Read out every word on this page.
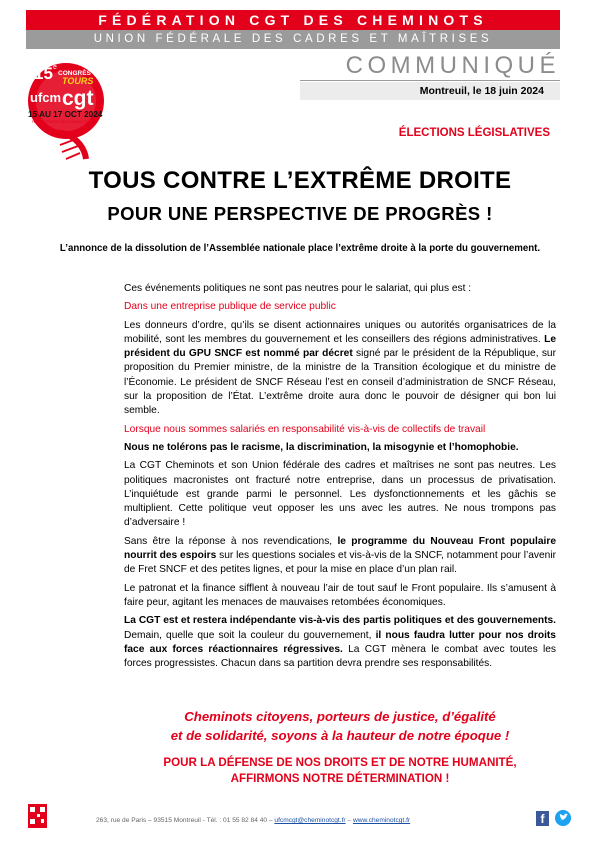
FÉDÉRATION CGT DES CHEMINOTS
UNION FÉDÉRALE DES CADRES ET MAÎTRISES
15 e
CONGRÈS
TOURS
ufcm cgt
15 AU 17 OCT 2024
FÉDÉRATION CGT DES CHEMINOTS
COMMUNIQUÉ
Montreuil, le 18 juin 2024
ÉLECTIONS LÉGISLATIVES
TOUS CONTRE L’EXTRÊME DROITE
POUR UNE PERSPECTIVE DE PROGRÈS !
L’annonce de la dissolution de l’Assemblée nationale place l’extrême droite à la porte du gouvernement.

Ces événements politiques ne sont pas neutres pour le salariat, qui plus est :

Dans une entreprise publique de service public

Les donneurs d’ordre, qu’ils se disent actionnaires uniques ou autorités organisatrices de la mobilité, sont les membres du gouvernement et les conseillers des régions administratives. Le président du GPU SNCF est nommé par décret signé par le président de la République, sur proposition du Premier ministre, de la ministre de la Transition écologique et du ministre de l’Économie. Le président de SNCF Réseau l’est en conseil d’administration de SNCF Réseau, sur la proposition de l’État. L’extrême droite aura donc le pouvoir de désigner qui bon lui semble.

Lorsque nous sommes salariés en responsabilité vis-à-vis de collectifs de travail

Nous ne tolérons pas le racisme, la discrimination, la misogynie et l’homophobie.

La CGT Cheminots et son Union fédérale des cadres et maîtrises ne sont pas neutres. Les politiques macronistes ont fracturé notre entreprise, dans un processus de privatisation. L’inquiétude est grande parmi le personnel. Les dysfonctionnements et les gâchis se multiplient. Cette politique veut opposer les uns avec les autres. Ne nous trompons pas d’adversaire !

Sans être la réponse à nos revendications, le programme du Nouveau Front populaire nourrit des espoirs sur les questions sociales et vis-à-vis de la SNCF, notamment pour l’avenir de Fret SNCF et des petites lignes, et pour la mise en place d’un plan rail.

Le patronat et la finance sifflent à nouveau l’air de tout sauf le Front populaire. Ils s’amusent à faire peur, agitant les menaces de mauvaises retombées économiques.

La CGT est et restera indépendante vis-à-vis des partis politiques et des gouvernements. Demain, quelle que soit la couleur du gouvernement, il nous faudra lutter pour nos droits face aux forces réactionnaires régressives. La CGT mènera le combat avec toutes les forces progressistes. Chacun dans sa partition devra prendre ses responsabilités.

Cheminots citoyens, porteurs de justice, d’égalité
et de solidarité, soyons à la hauteur de notre époque !
POUR LA DÉFENSE DE NOS DROITS ET DE NOTRE HUMANITÉ,
AFFIRMONS NOTRE DÉTERMINATION !
263, rue de Paris – 93515 Montreuil - Tél. : 01 55 82 84 40 – ufcmcgt@cheminotcgt.fr – www.cheminotcgt.fr	f
